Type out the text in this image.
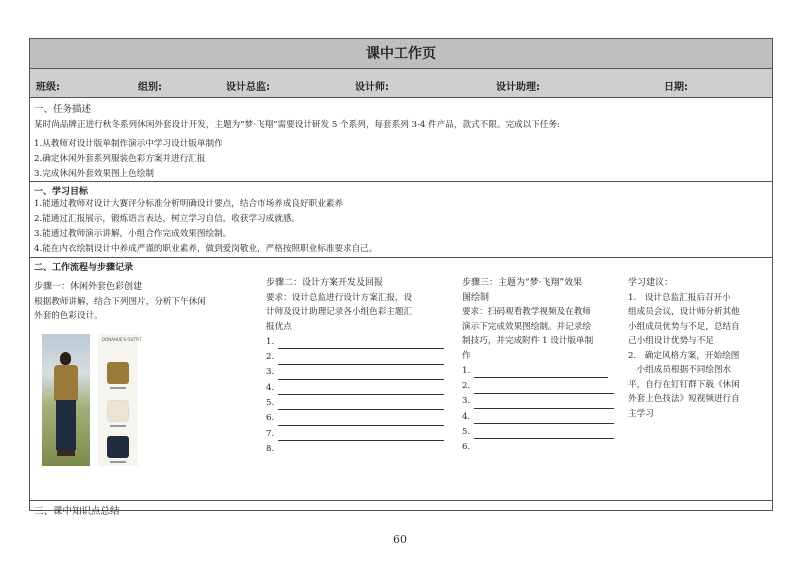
课中工作页
班级:	组别:	设计总监:	设计师:	设计助理:	日期:
一、任务描述
某时尚品牌正进行秋冬系列休闲外套设计开发，主题为“梦·飞翔”需要设计研发 5 个系列，每套系列 3-4 件产品，款式不限。完成以下任务:
1.从教师对设计版单制作演示中学习设计版单制作
2.确定休闲外套系列服装色彩方案并进行汇报
3.完成休闲外套效果图上色绘制
一、学习目标
1.能通过教师对设计大赛评分标准分析明确设计要点，结合市场养成良好职业素养
2.能通过汇报展示，锻炼语言表达，树立学习自信，收获学习成就感。
3.能通过教师演示讲解，小组合作完成效果图绘制。
4.能在内衣绘制设计中养成严谨的职业素养，做到爱岗敬业，严格按照职业标准要求自己。
二、工作流程与步骤记录
步骤一：休闲外套色彩创建
根据教师讲解，结合下列图片，分析下午休闲
外套的色彩设计。
DONAHUE'S OUTFIT
步骤二：设计方案开发及回报
要求：设计总监进行设计方案汇报，设
计师及设计助理记录各小组色彩主题汇
报优点
1.
2.
3.
4.
5.
6.
7.
8.
步骤三：主题为“梦·飞翔”效果
图绘制
要求：扫码观看教学视频及在教师
演示下完成效果图绘制。并记录绘
制技巧，并完成附件 1 设计版单制
作
1.
2.
3.
4.
5.
6.
学习建议：
1.　设计总监汇报后召开小
组成员会议，设计师分析其他
小组成员优势与不足，总结自
己小组设计优势与不足
2.　确定风格方案，开始绘图
　小组成员根据不同绘图水
平，自行在钉钉群下载《休闲
外套上色技法》短视频进行自
主学习
三、课中知识点总结
60
